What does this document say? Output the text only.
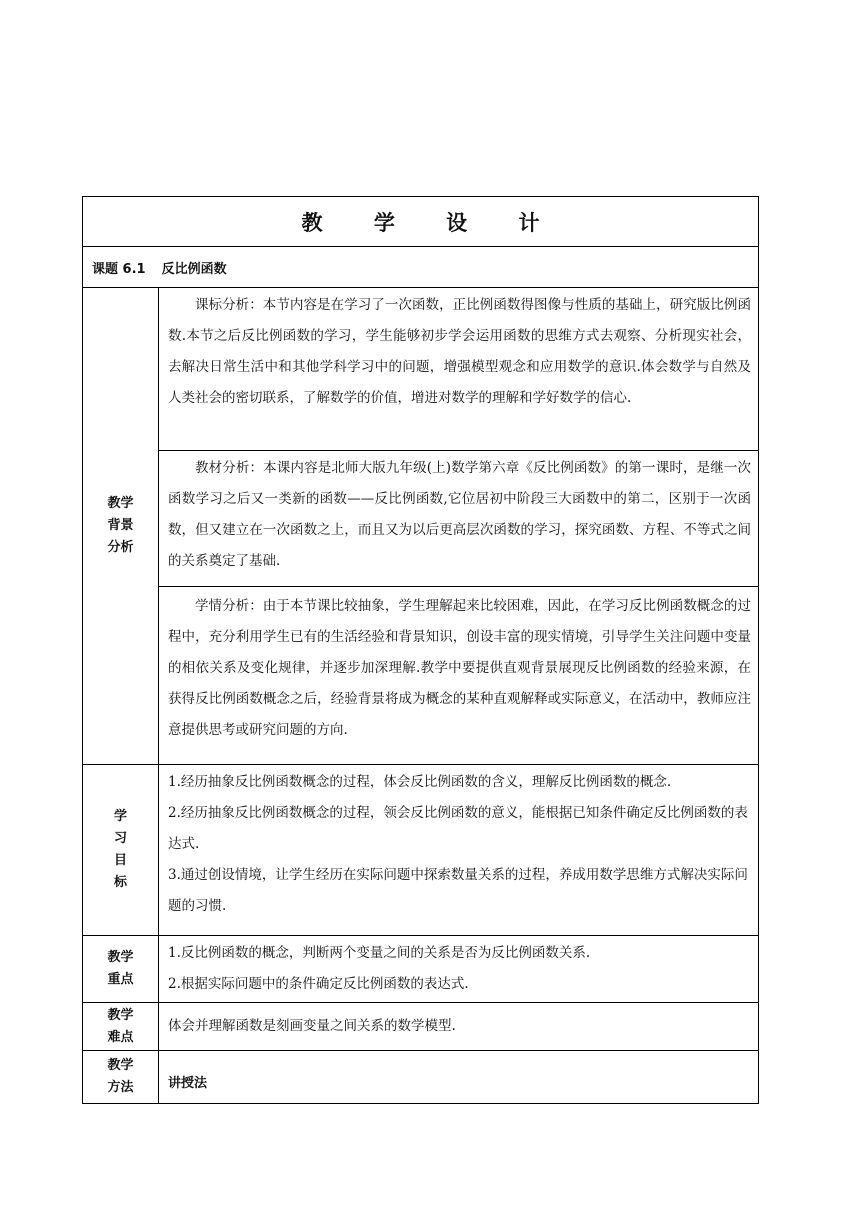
教 学 设 计
课题 6.1 反比例函数
教学
背景
分析

课标分析：本节内容是在学习了一次函数，正比例函数得图像与性质的基础上，研究版比例函数.本节之后反比例函数的学习，学生能够初步学会运用函数的思维方式去观察、分析现实社会，去解决日常生活中和其他学科学习中的问题，增强模型观念和应用数学的意识.体会数学与自然及人类社会的密切联系，了解数学的价值，增进对数学的理解和学好数学的信心.

教材分析：本课内容是北师大版九年级(上)数学第六章《反比例函数》的第一课时，是继一次函数学习之后又一类新的函数——反比例函数,它位居初中阶段三大函数中的第二，区别于一次函数，但又建立在一次函数之上，而且又为以后更高层次函数的学习，探究函数、方程、不等式之间的关系奠定了基础.

学情分析：由于本节课比较抽象，学生理解起来比较困难，因此，在学习反比例函数概念的过程中，充分利用学生已有的生活经验和背景知识，创设丰富的现实情境，引导学生关注问题中变量的相依关系及变化规律，并逐步加深理解.教学中要提供直观背景展现反比例函数的经验来源，在获得反比例函数概念之后，经验背景将成为概念的某种直观解释或实际意义，在活动中，教师应注意提供思考或研究问题的方向.

学
习
目
标

1.经历抽象反比例函数概念的过程，体会反比例函数的含义，理解反比例函数的概念.

2.经历抽象反比例函数概念的过程，领会反比例函数的意义，能根据已知条件确定反比例函数的表达式.

3.通过创设情境，让学生经历在实际问题中探索数量关系的过程，养成用数学思维方式解决实际问题的习惯.

教学
重点

1.反比例函数的概念，判断两个变量之间的关系是否为反比例函数关系.

2.根据实际问题中的条件确定反比例函数的表达式.

教学
难点

体会并理解函数是刻画变量之间关系的数学模型.

教学
方法	讲授法
